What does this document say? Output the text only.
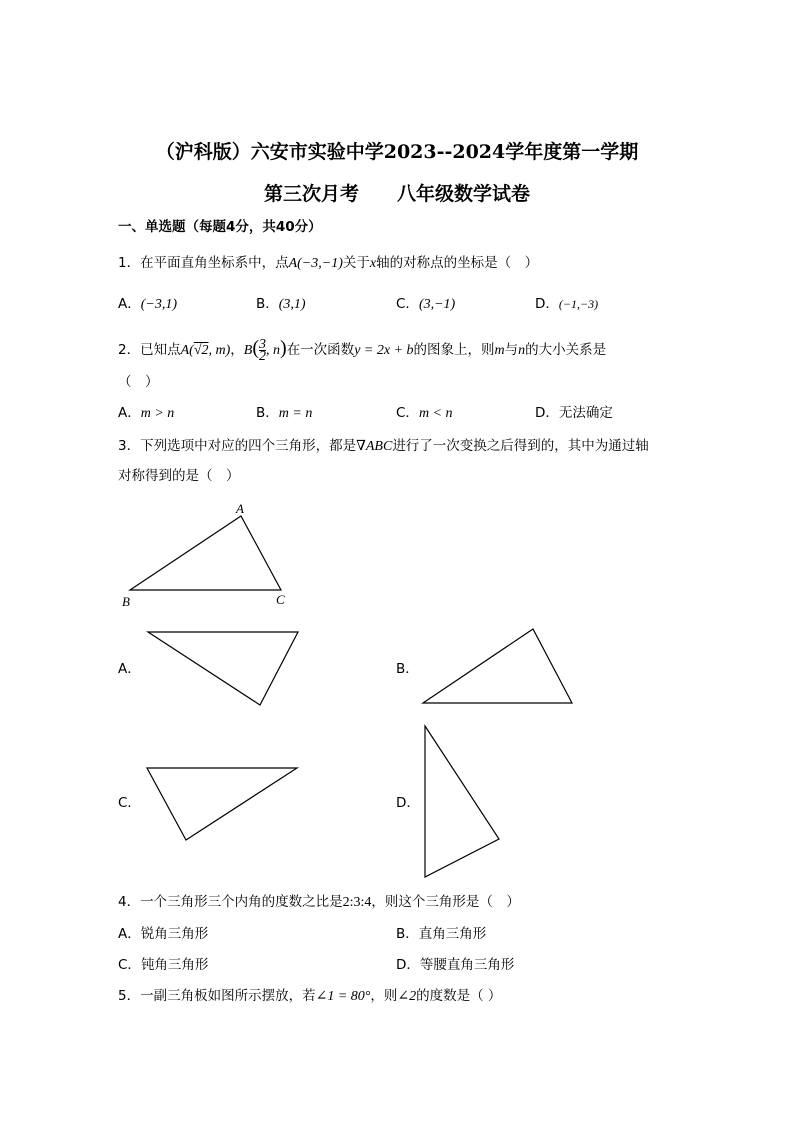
（沪科版）六安市实验中学2023--2024学年度第一学期
第三次月考 八年级数学试卷
一、单选题（每题4分，共40分）
1．在平面直角坐标系中，点A(−3,−1)关于x轴的对称点的坐标是（　）
A．(−3,1)	B．(3,1)	C．(3,−1)	D．(−1,−3)
2．已知点A(√2, m)，$B( \frac{3}{2}$ , n)在一次函数y = 2x + b的图象上，则m与n的大小关系是
（　）
A．m > n	B．m = n	C．m < n	D．无法确定
3．下列选项中对应的四个三角形，都是∇ABC进行了一次变换之后得到的，其中为通过轴
对称得到的是（　）
A
B	C
A．	B．
C．	D．
4．一个三角形三个内角的度数之比是2:3:4，则这个三角形是（　）
A．锐角三角形	B．直角三角形
C．钝角三角形	D．等腰直角三角形
5．一副三角板如图所示摆放，若∠1 = 80°，则∠2的度数是（ ）
